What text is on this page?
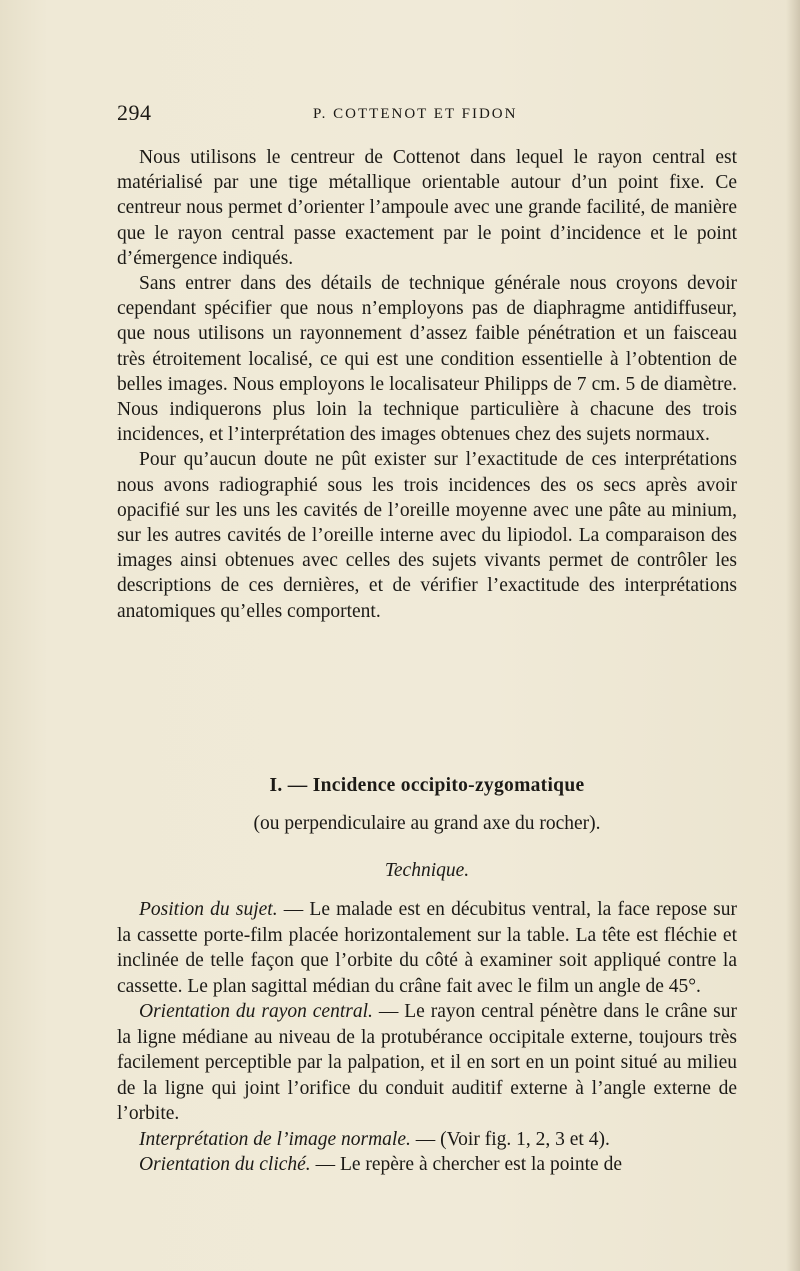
294	P. COTTENOT ET FIDON

Nous utilisons le centreur de Cottenot dans lequel le rayon central est matérialisé par une tige métallique orientable autour d’un point fixe. Ce centreur nous permet d’orienter l’ampoule avec une grande facilité, de manière que le rayon central passe exactement par le point d’incidence et le point d’émergence indiqués.

Sans entrer dans des détails de technique générale nous croyons devoir cependant spécifier que nous n’employons pas de diaphragme antidiffuseur, que nous utilisons un rayonnement d’assez faible pénétration et un faisceau très étroitement localisé, ce qui est une condition essentielle à l’obtention de belles images. Nous employons le localisateur Philipps de 7 cm. 5 de diamètre. Nous indiquerons plus loin la technique particulière à chacune des trois incidences, et l’interprétation des images obtenues chez des sujets normaux.

Pour qu’aucun doute ne pût exister sur l’exactitude de ces interprétations nous avons radiographié sous les trois incidences des os secs après avoir opacifié sur les uns les cavités de l’oreille moyenne avec une pâte au minium, sur les autres cavités de l’oreille interne avec du lipiodol. La comparaison des images ainsi obtenues avec celles des sujets vivants permet de contrôler les descriptions de ces dernières, et de vérifier l’exactitude des interprétations anatomiques qu’elles comportent.

I. — Incidence occipito-zygomatique
(ou perpendiculaire au grand axe du rocher).
Technique.

Position du sujet. — Le malade est en décubitus ventral, la face repose sur la cassette porte-film placée horizontalement sur la table. La tête est fléchie et inclinée de telle façon que l’orbite du côté à examiner soit appliqué contre la cassette. Le plan sagittal médian du crâne fait avec le film un angle de 45°.

Orientation du rayon central. — Le rayon central pénètre dans le crâne sur la ligne médiane au niveau de la protubérance occipitale externe, toujours très facilement perceptible par la palpation, et il en sort en un point situé au milieu de la ligne qui joint l’orifice du conduit auditif externe à l’angle externe de l’orbite.

Interprétation de l’image normale. — (Voir fig. 1, 2, 3 et 4).

Orientation du cliché. — Le repère à chercher est la pointe de
